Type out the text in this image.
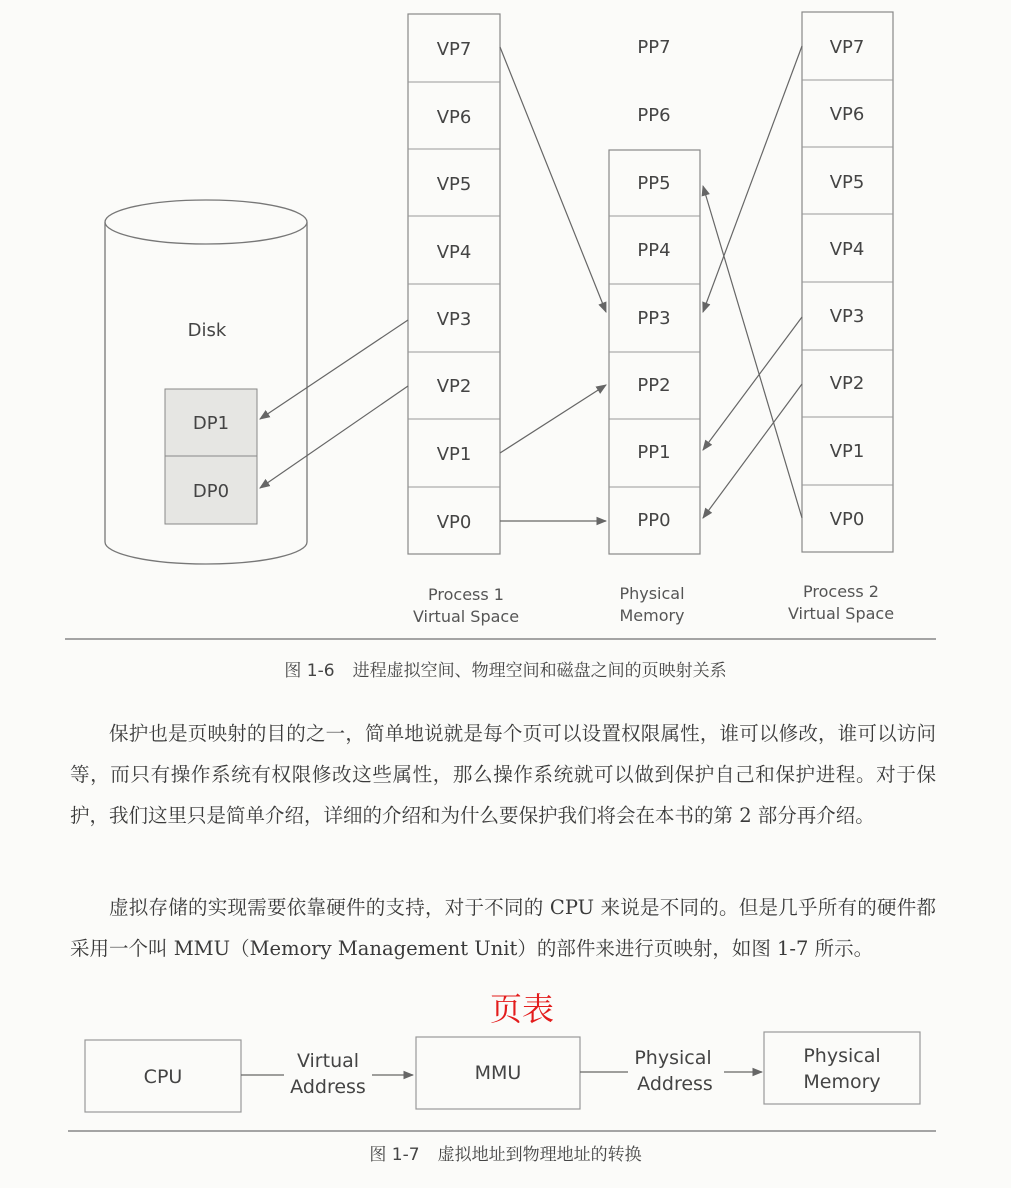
Disk
DP1
DP0
VP7
VP6
VP5
VP4
VP3
VP2
VP1
VP0
Process 1
Virtual Space
PP7
PP6
PP5
PP4
PP3
PP2
PP1
PP0
Physical
Memory
VP7
VP6
VP5
VP4
VP3
VP2
VP1
VP0
Process 2
Virtual Space
图 1-6 进程虚拟空间、物理空间和磁盘之间的页映射关系

保护也是页映射的目的之一，简单地说就是每个页可以设置权限属性，谁可以修改，谁可以访问等，而只有操作系统有权限修改这些属性，那么操作系统就可以做到保护自己和保护进程。对于保护，我们这里只是简单介绍，详细的介绍和为什么要保护我们将会在本书的第 2 部分再介绍。

虚拟存储的实现需要依靠硬件的支持，对于不同的 CPU 来说是不同的。但是几乎所有的硬件都采用一个叫 MMU（Memory Management Unit）的部件来进行页映射，如图 1-7 所示。

页表
CPU
Virtual
Address
MMU
Physical
Address
Physical
Memory
图 1-7 虚拟地址到物理地址的转换
